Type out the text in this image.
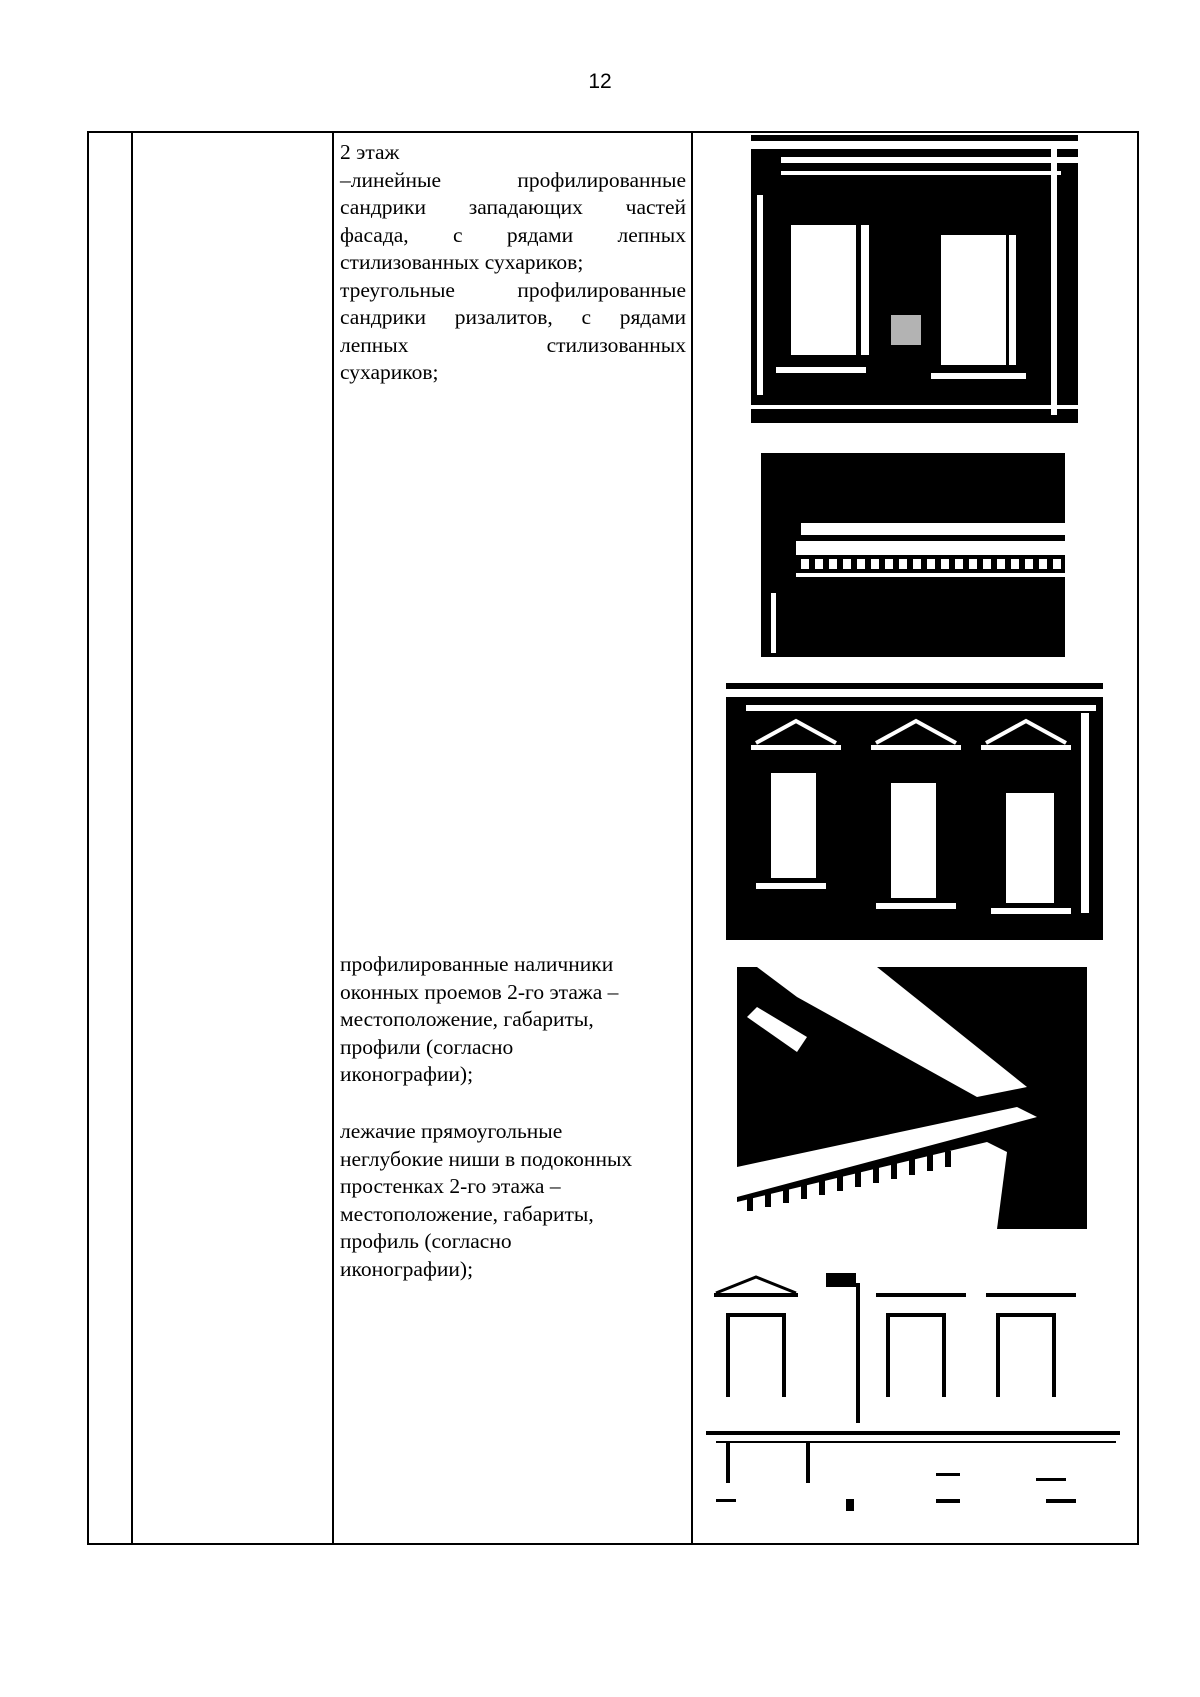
12
2 этаж
–линейные профилированные
сандрики западающих частей
фасада, с рядами лепных
стилизованных сухариков;
треугольные профилированные
сандрики ризалитов, с рядами
лепных стилизованных
сухариков;
профилированные наличники
оконных проемов 2-го этажа –
местоположение, габариты,
профили (согласно
иконографии);
лежачие прямоугольные
неглубокие ниши в подоконных
простенках 2-го этажа –
местоположение, габариты,
профиль (согласно
иконографии);
